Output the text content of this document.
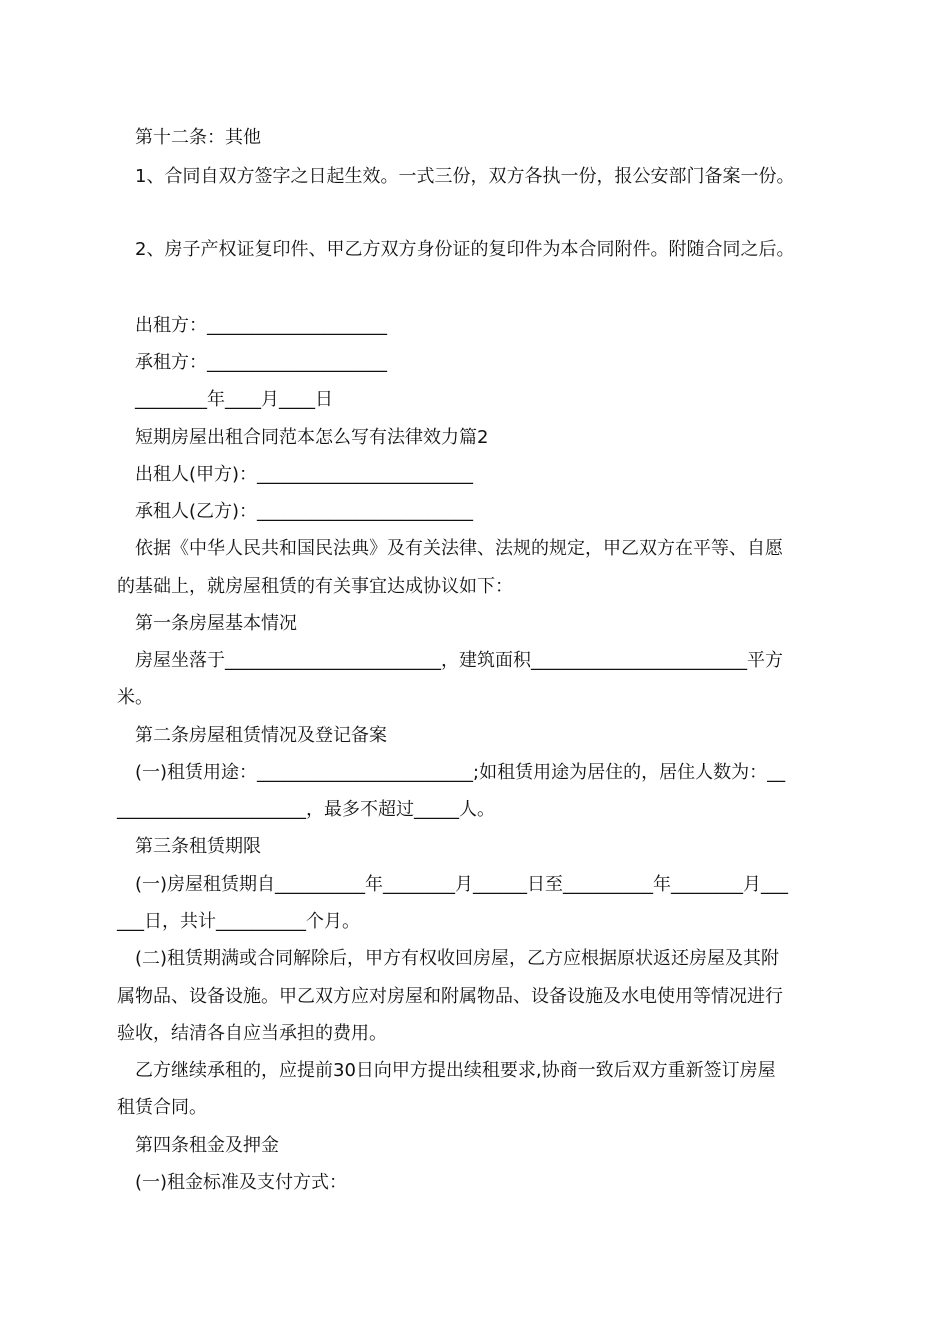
第十二条：其他
1、合同自双方签字之日起生效。一式三份，双方各执一份，报公安部门备案一份。
2、房子产权证复印件、甲乙方双方身份证的复印件为本合同附件。附随合同之后。
出租方：____________________
承租方：____________________
________年____月____日
短期房屋出租合同范本怎么写有法律效力篇2
出租人(甲方)：________________________
承租人(乙方)：________________________
依据《中华人民共和国民法典》及有关法律、法规的规定，甲乙双方在平等、自愿
的基础上，就房屋租赁的有关事宜达成协议如下：
第一条房屋基本情况
房屋坐落于________________________，建筑面积________________________平方
米。
第二条房屋租赁情况及登记备案
(一)租赁用途：________________________;如租赁用途为居住的，居住人数为：__
_____________________，最多不超过_____人。
第三条租赁期限
(一)房屋租赁期自__________年________月______日至__________年________月___
___日，共计__________个月。
(二)租赁期满或合同解除后，甲方有权收回房屋，乙方应根据原状返还房屋及其附
属物品、设备设施。甲乙双方应对房屋和附属物品、设备设施及水电使用等情况进行
验收，结清各自应当承担的费用。
乙方继续承租的，应提前30日向甲方提出续租要求,协商一致后双方重新签订房屋
租赁合同。
第四条租金及押金
(一)租金标准及支付方式：
